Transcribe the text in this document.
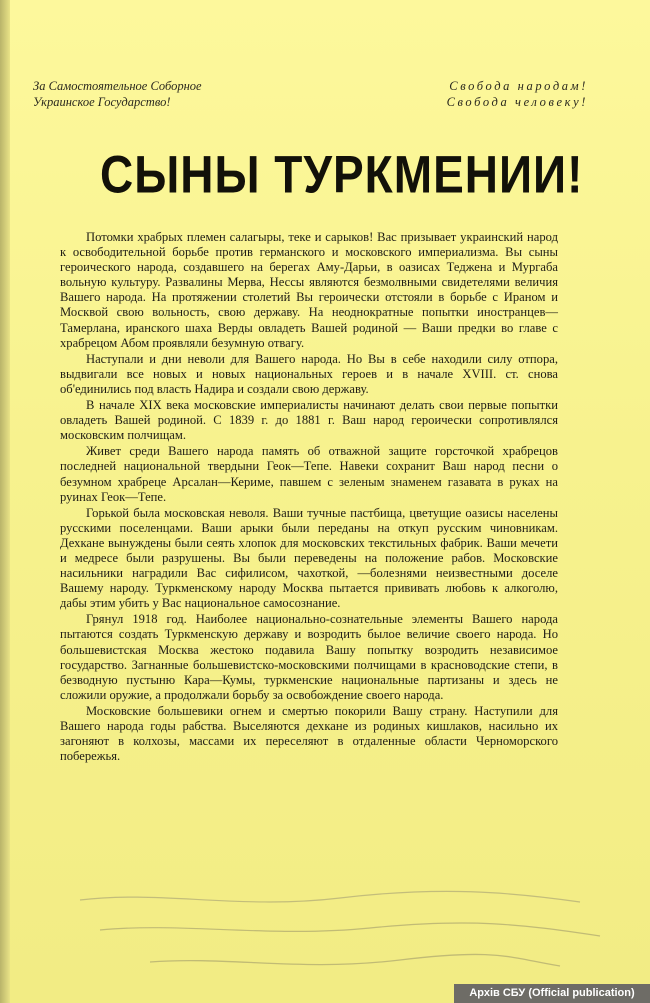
За Самостоятельное Соборное
Украинское Государство!
Свобода народам!
Свобода человеку!
СЫНЫ ТУРКМЕНИИ!

Потомки храбрых племен салагыры, теке и сарыков! Вас призывает украинский народ к освободительной борьбе против германского и московского империализма. Вы сыны героического народа, создавшего на берегах Аму-Дарьи, в оазисах Теджена и Мургаба вольную культуру. Развалины Мерва, Нессы являются безмолвными свидетелями величия Вашего народа. На протяжении столетий Вы героически отстояли в борьбе с Ираном и Москвой свою вольность, свою державу. На неоднократные попытки иностранцев—Тамерлана, иранского шаха Верды овладеть Вашей родиной — Ваши предки во главе с храбрецом Абом проявляли безумную отвагу.

Наступали и дни неволи для Вашего народа. Но Вы в себе находили силу отпора, выдвигали все новых и новых национальных героев и в начале XVIII. ст. снова об'единились под власть Надира и создали свою державу.

В начале XIX века московские империалисты начинают делать свои первые попытки овладеть Вашей родиной. С 1839 г. до 1881 г. Ваш народ героически сопротивлялся московским полчищам.

Живет среди Вашего народа память об отважной защите горсточкой храбрецов последней национальной твердыни Геок—Тепе. Навеки сохранит Ваш народ песни о безумном храбреце Арсалан—Кериме, павшем с зеленым знаменем газавата в руках на руинах Геок—Тепе.

Горькой была московская неволя. Ваши тучные пастбища, цветущие оазисы населены русскими поселенцами. Ваши арыки были переданы на откуп русским чиновникам. Дехкане вынуждены были сеять хлопок для московских текстильных фабрик. Ваши мечети и медресе были разрушены. Вы были переведены на положение рабов. Московские насильники наградили Вас сифилисом, чахоткой, —болезнями неизвестными доселе Вашему народу. Туркменскому народу Москва пытается прививать любовь к алкоголю, дабы этим убить у Вас национальное самосознание.

Грянул 1918 год. Наиболее национально-сознательные элементы Вашего народа пытаются создать Туркменскую державу и возродить былое величие своего народа. Но большевистская Москва жестоко подавила Вашу попытку возродить независимое государство. Загнанные большевистско-московскими полчищами в красноводские степи, в безводную пустыню Кара—Кумы, туркменские национальные партизаны и здесь не сложили оружие, а продолжали борьбу за освобождение своего народа.

Московские большевики огнем и смертью покорили Вашу страну. Наступили для Вашего народа годы рабства. Выселяются дехкане из родиных кишлаков, насильно их загоняют в колхозы, массами их переселяют в отдаленные области Черноморского побережья.

Архів СБУ (Official publication)
